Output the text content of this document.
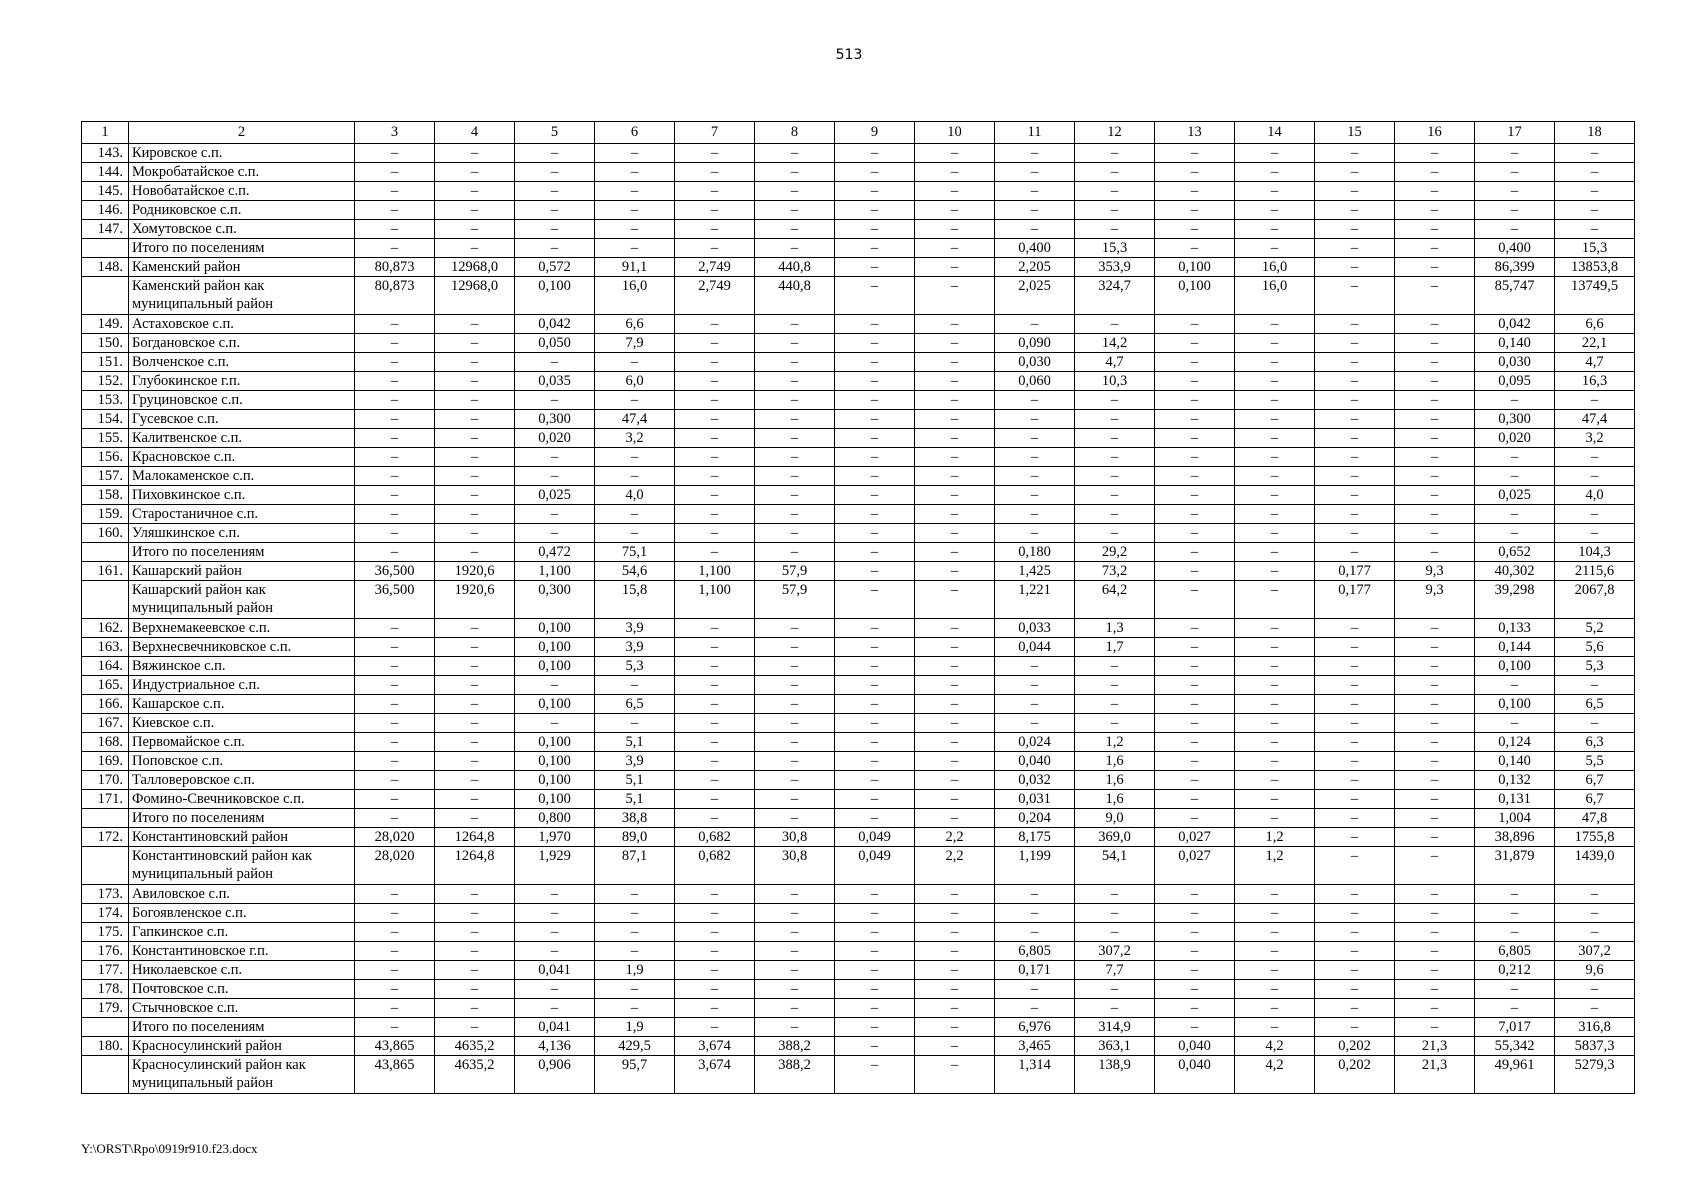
513
1	2	3	4	5	6	7	8	9	10	11	12	13	14	15	16	17	18
143.	Кировское с.п.	–	–	–	–	–	–	–	–	–	–	–	–	–	–	–	–
144.	Мокробатайское с.п.	–	–	–	–	–	–	–	–	–	–	–	–	–	–	–	–
145.	Новобатайское с.п.	–	–	–	–	–	–	–	–	–	–	–	–	–	–	–	–
146.	Родниковское с.п.	–	–	–	–	–	–	–	–	–	–	–	–	–	–	–	–
147.	Хомутовское с.п.	–	–	–	–	–	–	–	–	–	–	–	–	–	–	–	–
	Итого по поселениям	–	–	–	–	–	–	–	–	0,400	15,3	–	–	–	–	0,400	15,3
148.	Каменский район	80,873	12968,0	0,572	91,1	2,749	440,8	–	–	2,205	353,9	0,100	16,0	–	–	86,399	13853,8
	Каменский район как муниципальный район	80,873	12968,0	0,100	16,0	2,749	440,8	–	–	2,025	324,7	0,100	16,0	–	–	85,747	13749,5
149.	Астаховское с.п.	–	–	0,042	6,6	–	–	–	–	–	–	–	–	–	–	0,042	6,6
150.	Богдановское с.п.	–	–	0,050	7,9	–	–	–	–	0,090	14,2	–	–	–	–	0,140	22,1
151.	Волченское с.п.	–	–	–	–	–	–	–	–	0,030	4,7	–	–	–	–	0,030	4,7
152.	Глубокинское г.п.	–	–	0,035	6,0	–	–	–	–	0,060	10,3	–	–	–	–	0,095	16,3
153.	Груциновское с.п.	–	–	–	–	–	–	–	–	–	–	–	–	–	–	–	–
154.	Гусевское с.п.	–	–	0,300	47,4	–	–	–	–	–	–	–	–	–	–	0,300	47,4
155.	Калитвенское с.п.	–	–	0,020	3,2	–	–	–	–	–	–	–	–	–	–	0,020	3,2
156.	Красновское с.п.	–	–	–	–	–	–	–	–	–	–	–	–	–	–	–	–
157.	Малокаменское с.п.	–	–	–	–	–	–	–	–	–	–	–	–	–	–	–	–
158.	Пиховкинское с.п.	–	–	0,025	4,0	–	–	–	–	–	–	–	–	–	–	0,025	4,0
159.	Старостаничное с.п.	–	–	–	–	–	–	–	–	–	–	–	–	–	–	–	–
160.	Уляшкинское с.п.	–	–	–	–	–	–	–	–	–	–	–	–	–	–	–	–
	Итого по поселениям	–	–	0,472	75,1	–	–	–	–	0,180	29,2	–	–	–	–	0,652	104,3
161.	Кашарский район	36,500	1920,6	1,100	54,6	1,100	57,9	–	–	1,425	73,2	–	–	0,177	9,3	40,302	2115,6
	Кашарский район как муниципальный район	36,500	1920,6	0,300	15,8	1,100	57,9	–	–	1,221	64,2	–	–	0,177	9,3	39,298	2067,8
162.	Верхнемакеевское с.п.	–	–	0,100	3,9	–	–	–	–	0,033	1,3	–	–	–	–	0,133	5,2
163.	Верхнесвечниковское с.п.	–	–	0,100	3,9	–	–	–	–	0,044	1,7	–	–	–	–	0,144	5,6
164.	Вяжинское с.п.	–	–	0,100	5,3	–	–	–	–	–	–	–	–	–	–	0,100	5,3
165.	Индустриальное с.п.	–	–	–	–	–	–	–	–	–	–	–	–	–	–	–	–
166.	Кашарское с.п.	–	–	0,100	6,5	–	–	–	–	–	–	–	–	–	–	0,100	6,5
167.	Киевское с.п.	–	–	–	–	–	–	–	–	–	–	–	–	–	–	–	–
168.	Первомайское с.п.	–	–	0,100	5,1	–	–	–	–	0,024	1,2	–	–	–	–	0,124	6,3
169.	Поповское с.п.	–	–	0,100	3,9	–	–	–	–	0,040	1,6	–	–	–	–	0,140	5,5
170.	Талловеровское с.п.	–	–	0,100	5,1	–	–	–	–	0,032	1,6	–	–	–	–	0,132	6,7
171.	Фомино-Свечниковское с.п.	–	–	0,100	5,1	–	–	–	–	0,031	1,6	–	–	–	–	0,131	6,7
	Итого по поселениям	–	–	0,800	38,8	–	–	–	–	0,204	9,0	–	–	–	–	1,004	47,8
172.	Константиновский район	28,020	1264,8	1,970	89,0	0,682	30,8	0,049	2,2	8,175	369,0	0,027	1,2	–	–	38,896	1755,8
	Константиновский район как муниципальный район	28,020	1264,8	1,929	87,1	0,682	30,8	0,049	2,2	1,199	54,1	0,027	1,2	–	–	31,879	1439,0
173.	Авиловское с.п.	–	–	–	–	–	–	–	–	–	–	–	–	–	–	–	–
174.	Богоявленское с.п.	–	–	–	–	–	–	–	–	–	–	–	–	–	–	–	–
175.	Гапкинское с.п.	–	–	–	–	–	–	–	–	–	–	–	–	–	–	–	–
176.	Константиновское г.п.	–	–	–	–	–	–	–	–	6,805	307,2	–	–	–	–	6,805	307,2
177.	Николаевское с.п.	–	–	0,041	1,9	–	–	–	–	0,171	7,7	–	–	–	–	0,212	9,6
178.	Почтовское с.п.	–	–	–	–	–	–	–	–	–	–	–	–	–	–	–	–
179.	Стычновское с.п.	–	–	–	–	–	–	–	–	–	–	–	–	–	–	–	–
	Итого по поселениям	–	–	0,041	1,9	–	–	–	–	6,976	314,9	–	–	–	–	7,017	316,8
180.	Красносулинский район	43,865	4635,2	4,136	429,5	3,674	388,2	–	–	3,465	363,1	0,040	4,2	0,202	21,3	55,342	5837,3
	Красносулинский район как муниципальный район	43,865	4635,2	0,906	95,7	3,674	388,2	–	–	1,314	138,9	0,040	4,2	0,202	21,3	49,961	5279,3
Y:\ORST\Rpo\0919r910.f23.docx
